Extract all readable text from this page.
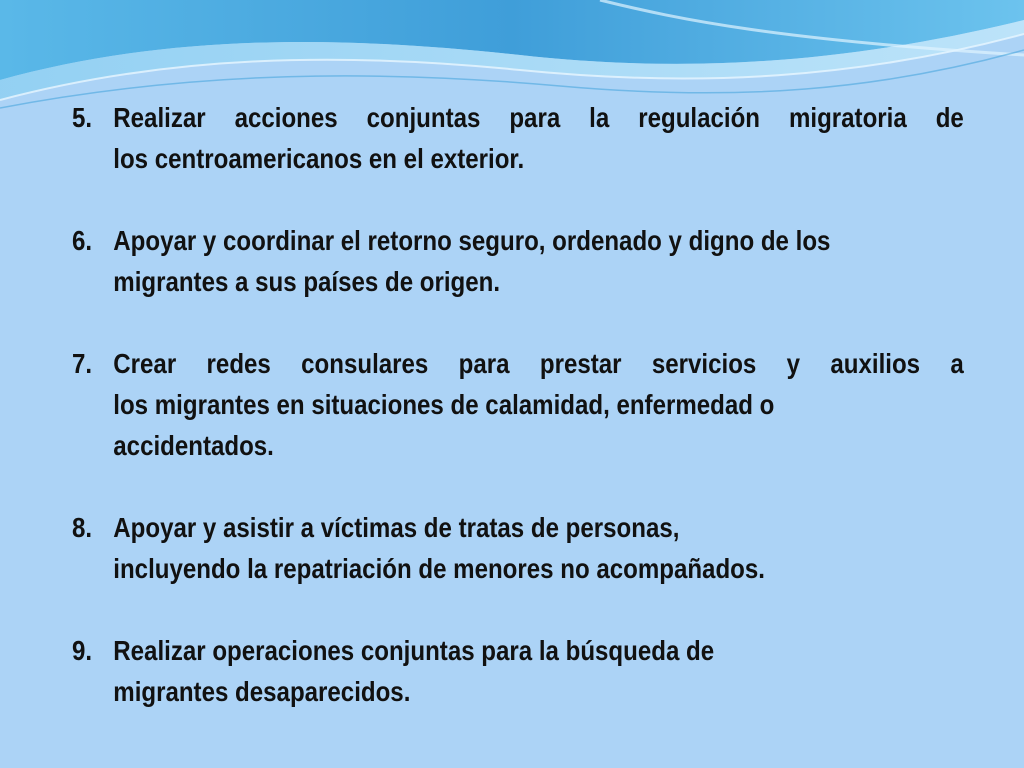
5. Realizar acciones conjuntas para la regulación migratoria de
los centroamericanos en el exterior.
6. Apoyar y coordinar el retorno seguro, ordenado y digno de los
migrantes a sus países de origen.
7. Crear redes consulares para prestar servicios y auxilios a
los migrantes en situaciones de calamidad, enfermedad o
accidentados.
8. Apoyar y asistir a víctimas de tratas de personas,
incluyendo la repatriación de menores no acompañados.
9. Realizar operaciones conjuntas para la búsqueda de
migrantes desaparecidos.
